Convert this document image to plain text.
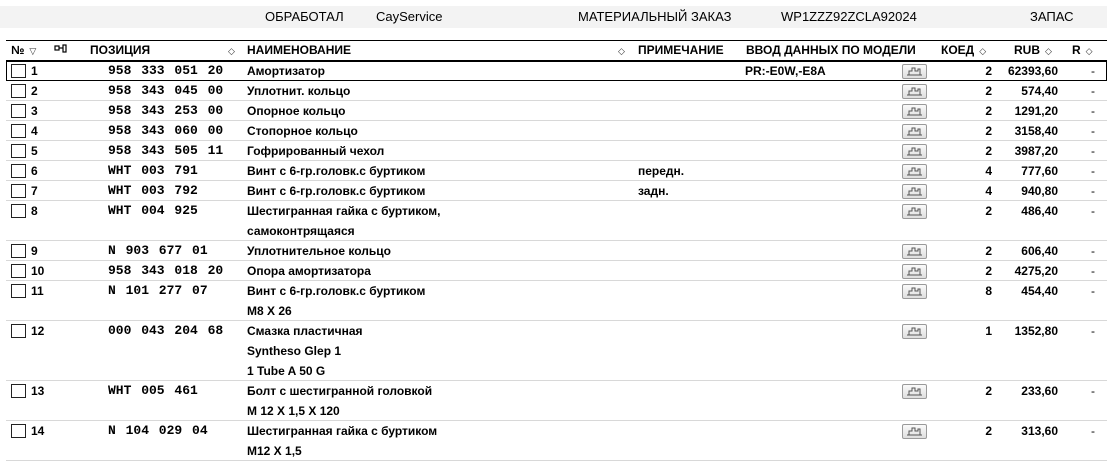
ОБРАБОТАЛ CayService	МАТЕРИАЛЬНЫЙ ЗАКАЗ	WP1ZZZ92ZCLA92024	ЗАПАС
№ ▽	ПОЗИЦИЯ	◇ НАИМЕНОВАНИЕ	◇ ПРИМЕЧАНИЕ ВВОД ДАННЫХ ПО МОДЕЛИ КОЕД ◇ RUB ◇ R ◇
1	958 333 051 20 Амортизатор	PR:-E0W,-E8A	2	62393,60	-
2	958 343 045 00 Уплотнит. кольцо	2	574,40	-
3	958 343 253 00 Опорное кольцо	2	1291,20	-
4	958 343 060 00 Стопорное кольцо	2	3158,40	-
5	958 343 505 11 Гофрированный чехол	2	3987,20	-
6	WHT 003 791	Винт с 6-гр.головк.с буртиком	передн.	4	777,60	-
7	WHT 003 792	Винт с 6-гр.головк.с буртиком	задн.	4	940,80	-
8	WHT 004 925	Шестигранная гайка с буртиком,
самоконтрящаяся
2	486,40	-
9	N 903 677 01	Уплотнительное кольцо	2	606,40	-
10	958 343 018 20 Опора амортизатора	2	4275,20	-
11	N 101 277 07	Винт с 6-гр.головк.с буртиком
M8 X 26
8	454,40	-
12	000 043 204 68 Смазка пластичная
Syntheso Glep 1
1 Tube A 50 G
1	1352,80	-
13	WHT 005 461	Болт с шестигранной головкой
M 12 X 1,5 X 120
2	233,60	-
14	N 104 029 04	Шестигранная гайка с буртиком
M12 X 1,5
2	313,60	-
